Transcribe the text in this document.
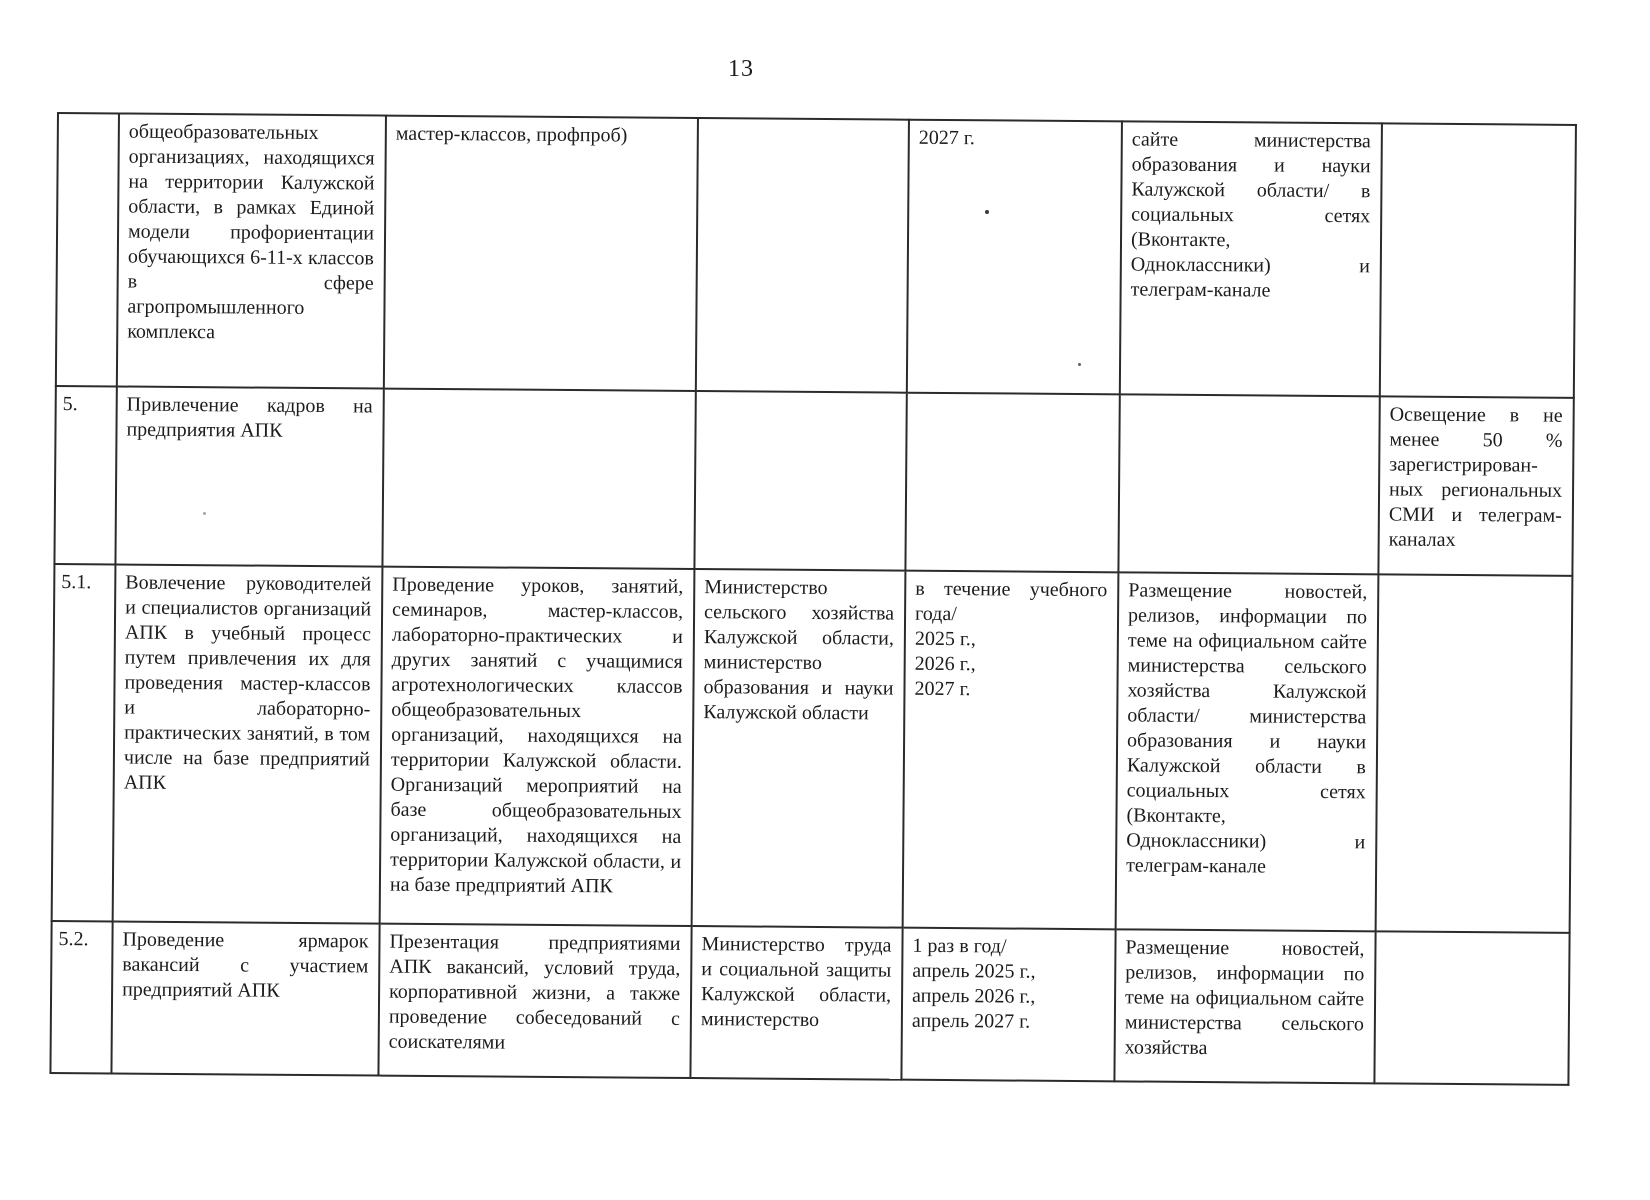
13
	общеобразовательных организациях, находящихся на территории Калужской области, в рамках Единой модели профориентации обучающихся 6-11-х классов в сфере агропромышленного комплекса	мастер-классов, профпроб)		2027 г.	сайте министерства образования и науки Калужской области/ в социальных сетях (Вконтакте, Одноклассники) и телеграм-канале	
5.	Привлечение кадров на предприятия АПК					Освещение в не менее 50 % зарегистрирован-ных региональных СМИ и телеграм-каналах
5.1.	Вовлечение руководителей и специалистов организаций АПК в учебный процесс путем привлечения их для проведения мастер-классов и лабораторно-практических занятий, в том числе на базе предприятий АПК	Проведение уроков, занятий, семинаров, мастер-классов, лабораторно-практических и других занятий с учащимися агротехнологических классов общеобразовательных организаций, находящихся на территории Калужской области. Организаций мероприятий на базе общеобразовательных организаций, находящихся на территории Калужской области, и на базе предприятий АПК	Министерство сельского хозяйства Калужской области, министерство образования и науки Калужской области	в течение учебного года/
2025 г.,
2026 г.,
2027 г.	Размещение новостей, релизов, информации по теме на официальном сайте министерства сельского хозяйства Калужской области/ министерства образования и науки Калужской области в социальных сетях (Вконтакте, Одноклассники) и телеграм-канале	
5.2.	Проведение ярмарок вакансий с участием предприятий АПК	Презентация предприятиями АПК вакансий, условий труда, корпоративной жизни, а также проведение собеседований с соискателями	Министерство труда и социальной защиты Калужской области, министерство	1 раз в год/
апрель 2025 г.,
апрель 2026 г.,
апрель 2027 г.	Размещение новостей, релизов, информации по теме на официальном сайте министерства сельского хозяйства	
